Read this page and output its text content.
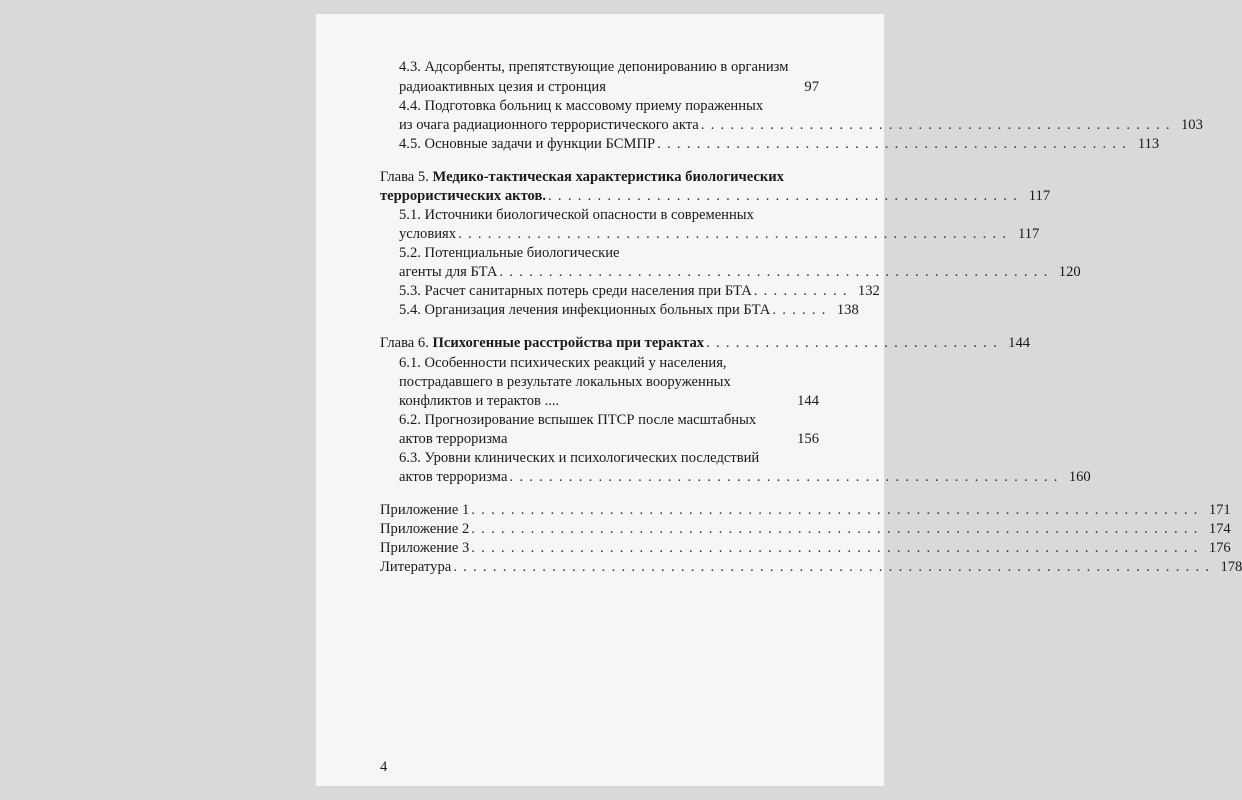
4.3. Адсорбенты, препятствующие депонированию в организм
радиоактивных цезия и стронция	97
4.4. Подготовка больниц к массовому приему пораженных
из очага радиационного террористического акта . . . . . . . . . . . . . . . . . . . . . . . . . . . . . . . . . . . . . . . . . . . . . . . . 103
4.5. Основные задачи и функции БСМПР . . . . . . . . . . . . . . . . . . . . . . . . . . . . . . . . . . . . . . . . . . . . . . . . 113
Глава 5. Медико-тактическая характеристика биологических
террористических актов. . . . . . . . . . . . . . . . . . . . . . . . . . . . . . . . . . . . . . . . . . . . . . . . . 117
5.1. Источники биологической опасности в современных
условиях . . . . . . . . . . . . . . . . . . . . . . . . . . . . . . . . . . . . . . . . . . . . . . . . . . . . . . . . 117
5.2. Потенциальные биологические
агенты для БТА . . . . . . . . . . . . . . . . . . . . . . . . . . . . . . . . . . . . . . . . . . . . . . . . . . . . . . . . 120
5.3. Расчет санитарных потерь среди населения при БТА . . . . . . . . . . 132
5.4. Организация лечения инфекционных больных при БТА . . . . . . 138
Глава 6. Психогенные расстройства при терактах . . . . . . . . . . . . . . . . . . . . . . . . . . . . . . 144
6.1. Особенности психических реакций у населения,
пострадавшего в результате локальных вооруженных
конфликтов и терактов ....	144
6.2. Прогнозирование вспышек ПТСР после масштабных
актов терроризма	156
6.3. Уровни клинических и психологических последствий
актов терроризма . . . . . . . . . . . . . . . . . . . . . . . . . . . . . . . . . . . . . . . . . . . . . . . . . . . . . . . . 160
Приложение 1 . . . . . . . . . . . . . . . . . . . . . . . . . . . . . . . . . . . . . . . . . . . . . . . . . . . . . . . . . . . . . . . . . . . . . . . . . . 171
Приложение 2 . . . . . . . . . . . . . . . . . . . . . . . . . . . . . . . . . . . . . . . . . . . . . . . . . . . . . . . . . . . . . . . . . . . . . . . . . . 174
Приложение 3 . . . . . . . . . . . . . . . . . . . . . . . . . . . . . . . . . . . . . . . . . . . . . . . . . . . . . . . . . . . . . . . . . . . . . . . . . . 176
Литература . . . . . . . . . . . . . . . . . . . . . . . . . . . . . . . . . . . . . . . . . . . . . . . . . . . . . . . . . . . . . . . . . . . . . . . . . . . . . 178
4
